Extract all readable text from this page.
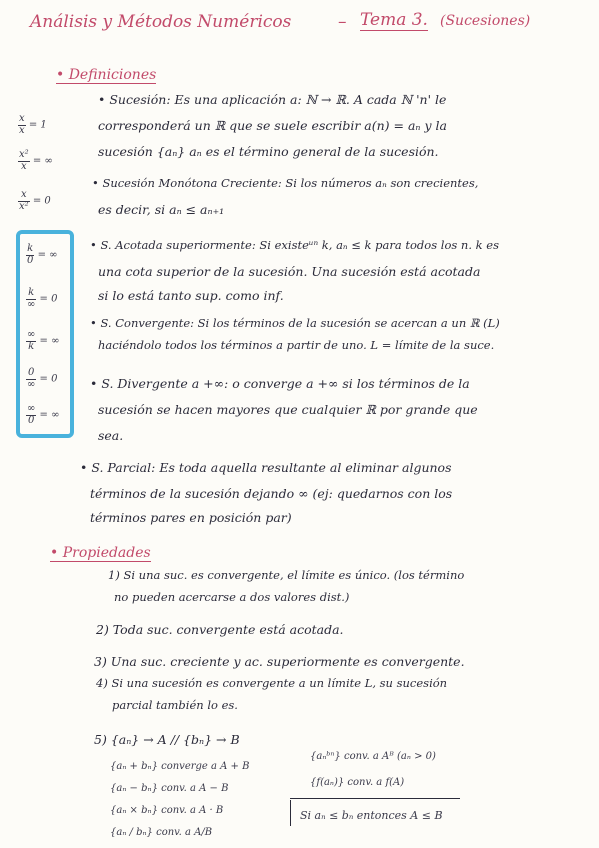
Análisis y Métodos Numéricos	– Tema 3. (Sucesiones)
$\frac{x}{x} = 1$
$\frac{\text{x²}}{x}$ = ∞
$\frac{x}{\text{x²}} = 0$
$\frac{k}{0}$ = ∞
$\frac{k}{\infty} = 0$
$\frac{\infty}{k}$ = ∞
$\frac{0}{\infty} = 0$
$\frac{\infty}{0}$ = ∞
• Definiciones
• Sucesión: Es una aplicación a: ℕ → ℝ. A cada ℕ 'n' le
corresponderá un ℝ que se suele escribir a(n) = aₙ y la
sucesión {aₙ} aₙ es el término general de la sucesión.
• Sucesión Monótona Creciente: Si los números aₙ son crecientes,
es decir, si aₙ ≤ aₙ₊₁
• S. Acotada superiormente: Si existeᵘⁿ k, aₙ ≤ k para todos los n. k es
una cota superior de la sucesión. Una sucesión está acotada
si lo está tanto sup. como inf.
• S. Convergente: Si los términos de la sucesión se acercan a un ℝ (L)
haciéndolo todos los términos a partir de uno. L = límite de la suce.
• S. Divergente a +∞: o converge a +∞ si los términos de la
sucesión se hacen mayores que cualquier ℝ por grande que
sea.
• S. Parcial: Es toda aquella resultante al eliminar algunos
términos de la sucesión dejando ∞ (ej: quedarnos con los
términos pares en posición par)
• Propiedades
1) Si una suc. es convergente, el límite es único. (los término
no pueden acercarse a dos valores dist.)
2) Toda suc. convergente está acotada.
3) Una suc. creciente y ac. superiormente es convergente.
4) Si una sucesión es convergente a un límite L, su sucesión
parcial también lo es.
5) {aₙ} → A // {bₙ} → B
{aₙ + bₙ} converge a A + B
{aₙ − bₙ} conv. a A − B
{aₙ × bₙ} conv. a A · B
{aₙ / bₙ} conv. a A/B
{aₙᵇⁿ} conv. a Aᴮ (aₙ > 0)
{f(aₙ)} conv. a f(A)
Si aₙ ≤ bₙ entonces A ≤ B
